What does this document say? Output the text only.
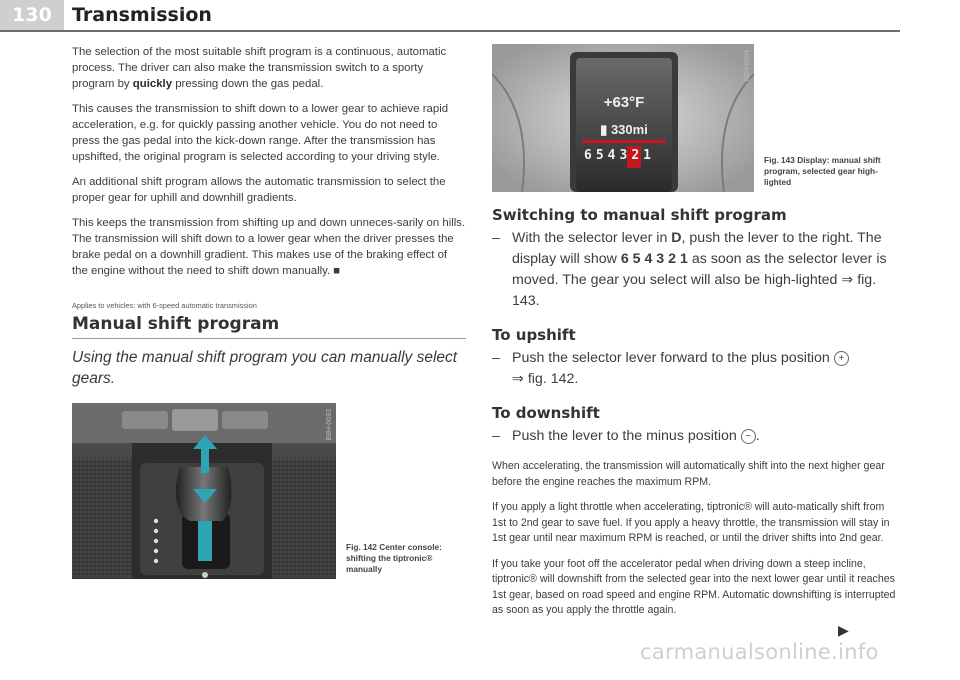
130	Transmission

The selection of the most suitable shift program is a continuous, automatic process. The driver can also make the transmission switch to a sporty program by quickly pressing down the gas pedal.

This causes the transmission to shift down to a lower gear to achieve rapid acceleration, e.g. for quickly passing another vehicle. You do not need to press the gas pedal into the kick-down range. After the transmission has upshifted, the original program is selected according to your driving style.

An additional shift program allows the automatic transmission to select the proper gear for uphill and downhill gradients.

This keeps the transmission from shifting up and down unneces-sarily on hills. The transmission will shift down to a lower gear when the driver presses the brake pedal on a downhill gradient. This makes use of the braking effect of the engine without the need to shift down manually. ■

Applies to vehicles: with 6-speed automatic transmission
Manual shift program
Using the manual shift program you can manually select gears.
B8H-0693
Fig. 142 Center console: shifting the tiptronic® manually
+63°F
▮ 330mi
654321
B8H-0694
Fig. 143 Display: manual shift program, selected gear high-lighted
Switching to manual shift program

– With the selector lever in D, push the lever to the right. The display will show 6 5 4 3 2 1 as soon as the selector lever is moved. The gear you select will also be high-lighted ⇒ fig. 143.

To upshift

– Push the selector lever forward to the plus position +
⇒ fig. 142.

To downshift

– Push the lever to the minus position − .

When accelerating, the transmission will automatically shift into the next higher gear before the engine reaches the maximum RPM.

If you apply a light throttle when accelerating, tiptronic® will auto-matically shift from 1st to 2nd gear to save fuel. If you apply a heavy throttle, the transmission will stay in 1st gear until near maximum RPM is reached, or until the driver shifts into 2nd gear.

If you take your foot off the accelerator pedal when driving down a steep incline, tiptronic® will downshift from the selected gear into the next lower gear until it reaches 1st gear, based on road speed and engine RPM. Automatic downshifting is interrupted as soon as you apply the throttle again.

▶
carmanualsonline.info
